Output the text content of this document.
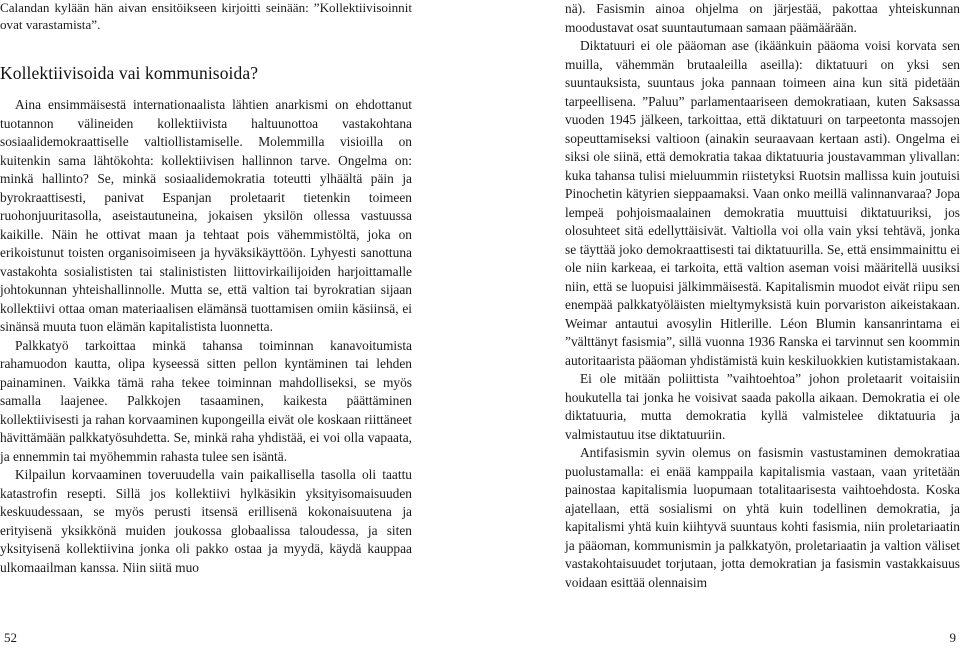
Calandan kylään hän aivan ensitöikseen kirjoitti seinään: ”Kollektiivisoinnit ovat varastamista”.

Kollektiivisoida vai kommunisoida?

Aina ensimmäisestä internationaalista lähtien anarkismi on ehdottanut tuotannon välineiden kollektiivista haltuunottoa vastakohtana sosiaalidemokraattiselle valtiollistamiselle. Molemmilla visioilla on kuitenkin sama lähtökohta: kollektiivisen hallinnon tarve. Ongelma on: minkä hallinto? Se, minkä sosiaalidemokratia toteutti ylhäältä päin ja byrokraattisesti, panivat Espanjan proletaarit tietenkin toimeen ruohonjuuritasolla, aseistautuneina, jokaisen yksilön ollessa vastuussa kaikille. Näin he ottivat maan ja tehtaat pois vähemmistöltä, joka on erikoistunut toisten organisoimiseen ja hyväksikäyttöön. Lyhyesti sanottuna vastakohta sosialististen tai stalinististen liittovirkailijoiden harjoittamalle johtokunnan yhteishallinnolle. Mutta se, että valtion tai byrokratian sijaan kollektiivi ottaa oman materiaalisen elämänsä tuottamisen omiin käsiinsä, ei sinänsä muuta tuon elämän kapitalistista luonnetta.

Palkkatyö tarkoittaa minkä tahansa toiminnan kanavoitumista rahamuodon kautta, olipa kyseessä sitten pellon kyntäminen tai lehden painaminen. Vaikka tämä raha tekee toiminnan mahdolliseksi, se myös samalla laajenee. Palkkojen tasaaminen, kaikesta päättäminen kollektiivisesti ja rahan korvaaminen kupongeilla eivät ole koskaan riittäneet hävittämään palkkatyösuhdetta. Se, minkä raha yhdistää, ei voi olla vapaata, ja ennemmin tai myöhemmin rahasta tulee sen isäntä.

Kilpailun korvaaminen toveruudella vain paikallisella tasolla oli taattu katastrofin resepti. Sillä jos kollektiivi hylkäsikin yksityisomaisuuden keskuudessaan, se myös perusti itsensä erillisenä kokonaisuutena ja erityisenä yksikkönä muiden joukossa globaalissa taloudessa, ja siten yksityisenä kollektiivina jonka oli pakko ostaa ja myydä, käydä kauppaa ulkomaailman kanssa. Niin siitä muo

52

nä). Fasismin ainoa ohjelma on järjestää, pakottaa yhteiskunnan moodustavat osat suuntautumaan samaan päämäärään.

Diktatuuri ei ole pääoman ase (ikäänkuin pääoma voisi korvata sen muilla, vähemmän brutaaleilla aseilla): diktatuuri on yksi sen suuntauksista, suuntaus joka pannaan toimeen aina kun sitä pidetään tarpeellisena. ”Paluu” parlamentaariseen demokratiaan, kuten Saksassa vuoden 1945 jälkeen, tarkoittaa, että diktatuuri on tarpeetonta massojen sopeuttamiseksi valtioon (ainakin seuraavaan kertaan asti). Ongelma ei siksi ole siinä, että demokratia takaa diktatuuria joustavamman ylivallan: kuka tahansa tulisi mieluummin riistetyksi Ruotsin mallissa kuin joutuisi Pinochetin kätyrien sieppaamaksi. Vaan onko meillä valinnanvaraa? Jopa lempeä pohjoismaalainen demokratia muuttuisi diktatuuriksi, jos olosuhteet sitä edellyttäisivät. Valtiolla voi olla vain yksi tehtävä, jonka se täyttää joko demokraattisesti tai diktatuurilla. Se, että ensimmainittu ei ole niin karkeaa, ei tarkoita, että valtion aseman voisi määritellä uusiksi niin, että se luopuisi jälkimmäisestä. Kapitalismin muodot eivät riipu sen enempää palkkatyöläisten mieltymyksistä kuin porvariston aikeistakaan. Weimar antautui avosylin Hitlerille. Léon Blumin kansanrintama ei ”välttänyt fasismia”, sillä vuonna 1936 Ranska ei tarvinnut sen koommin autoritaarista pääoman yhdistämistä kuin keskiluokkien kutistamistakaan.

Ei ole mitään poliittista ”vaihtoehtoa” johon proletaarit voitaisiin houkutella tai jonka he voisivat saada pakolla aikaan. Demokratia ei ole diktatuuria, mutta demokratia kyllä valmistelee diktatuuria ja valmistautuu itse diktatuuriin.

Antifasismin syvin olemus on fasismin vastustaminen demokratiaa puolustamalla: ei enää kamppaila kapitalismia vastaan, vaan yritetään painostaa kapitalismia luopumaan totalitaarisesta vaihtoehdosta. Koska ajatellaan, että sosialismi on yhtä kuin todellinen demokratia, ja kapitalismi yhtä kuin kiihtyvä suuntaus kohti fasismia, niin proletariaatin ja pääoman, kommunismin ja palkkatyön, proletariaatin ja valtion väliset vastakohtaisuudet torjutaan, jotta demokratian ja fasismin vastakkaisuus voidaan esittää olennaisim

9
